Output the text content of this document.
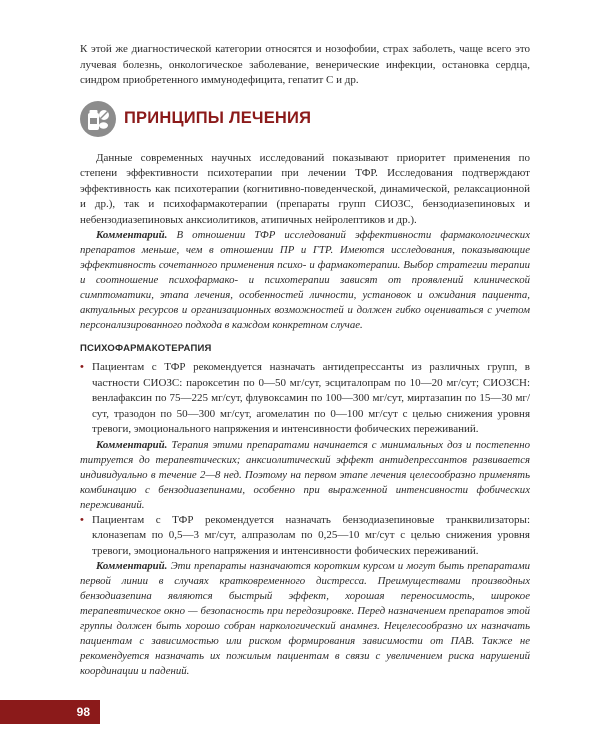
К этой же диагностической категории относятся и нозофобии, страх заболеть, чаще всего это лучевая болезнь, онкологическое заболевание, венерические инфекции, остановка сердца, синдром приобретенного иммунодефицита, гепатит С и др.

ПРИНЦИПЫ ЛЕЧЕНИЯ

Данные современных научных исследований показывают приоритет применения по степени эффективности психотерапии при лечении ТФР. Исследования подтверждают эффективность как психотерапии (когнитивно-поведенческой, динамической, релаксационной и др.), так и психофармакотерапии (препараты групп СИОЗС, бензодиазепиновых и небензодиазепиновых анксиолитиков, атипичных нейролептиков и др.).

Комментарий. В отношении ТФР исследований эффективности фармакологических препаратов меньше, чем в отношении ПР и ГТР. Имеются исследования, показывающие эффективность сочетанного применения психо- и фармакотерапии. Выбор стратегии терапии и соотношение психофармако- и психотерапии зависят от проявлений клинической симптоматики, этапа лечения, особенностей личности, установок и ожидания пациента, актуальных ресурсов и организационных возможностей и должен гибко оцениваться с учетом персонализированного подхода в каждом конкретном случае.

ПСИХОФАРМАКОТЕРАПИЯ

• Пациентам с ТФР рекомендуется назначать антидепрессанты из различных групп, в частности СИОЗС: пароксетин по 0—50 мг/сут, эсциталопрам по 10—20 мг/сут; СИОЗСН: венлафаксин по 75—225 мг/сут, флувоксамин по 100—300 мг/сут, миртазапин по 15—30 мг/сут, тразодон по 50—300 мг/сут, агомелатин по 0—100 мг/сут с целью снижения уровня тревоги, эмоционального напряжения и интенсивности фобических переживаний.

Комментарий. Терапия этими препаратами начинается с минимальных доз и постепенно титруется до терапевтических; анксиолитический эффект антидепрессантов развивается индивидуально в течение 2—8 нед. Поэтому на первом этапе лечения целесообразно применять комбинацию с бензодиазепинами, особенно при выраженной интенсивности фобических переживаний.

• Пациентам с ТФР рекомендуется назначать бензодиазепиновые транквилизаторы: клоназепам по 0,5—3 мг/сут, алпразолам по 0,25—10 мг/сут с целью снижения уровня тревоги, эмоционального напряжения и интенсивности фобических переживаний.

Комментарий. Эти препараты назначаются коротким курсом и могут быть препаратами первой линии в случаях кратковременного дистресса. Преимуществами производных бензодиазепина являются быстрый эффект, хорошая переносимость, широкое терапевтическое окно — безопасность при передозировке. Перед назначением препаратов этой группы должен быть хорошо собран наркологический анамнез. Нецелесообразно их назначать пациентам с зависимостью или риском формирования зависимости от ПАВ. Также не рекомендуется назначать их пожилым пациентам в связи с увеличением риска нарушений координации и падений.

98
